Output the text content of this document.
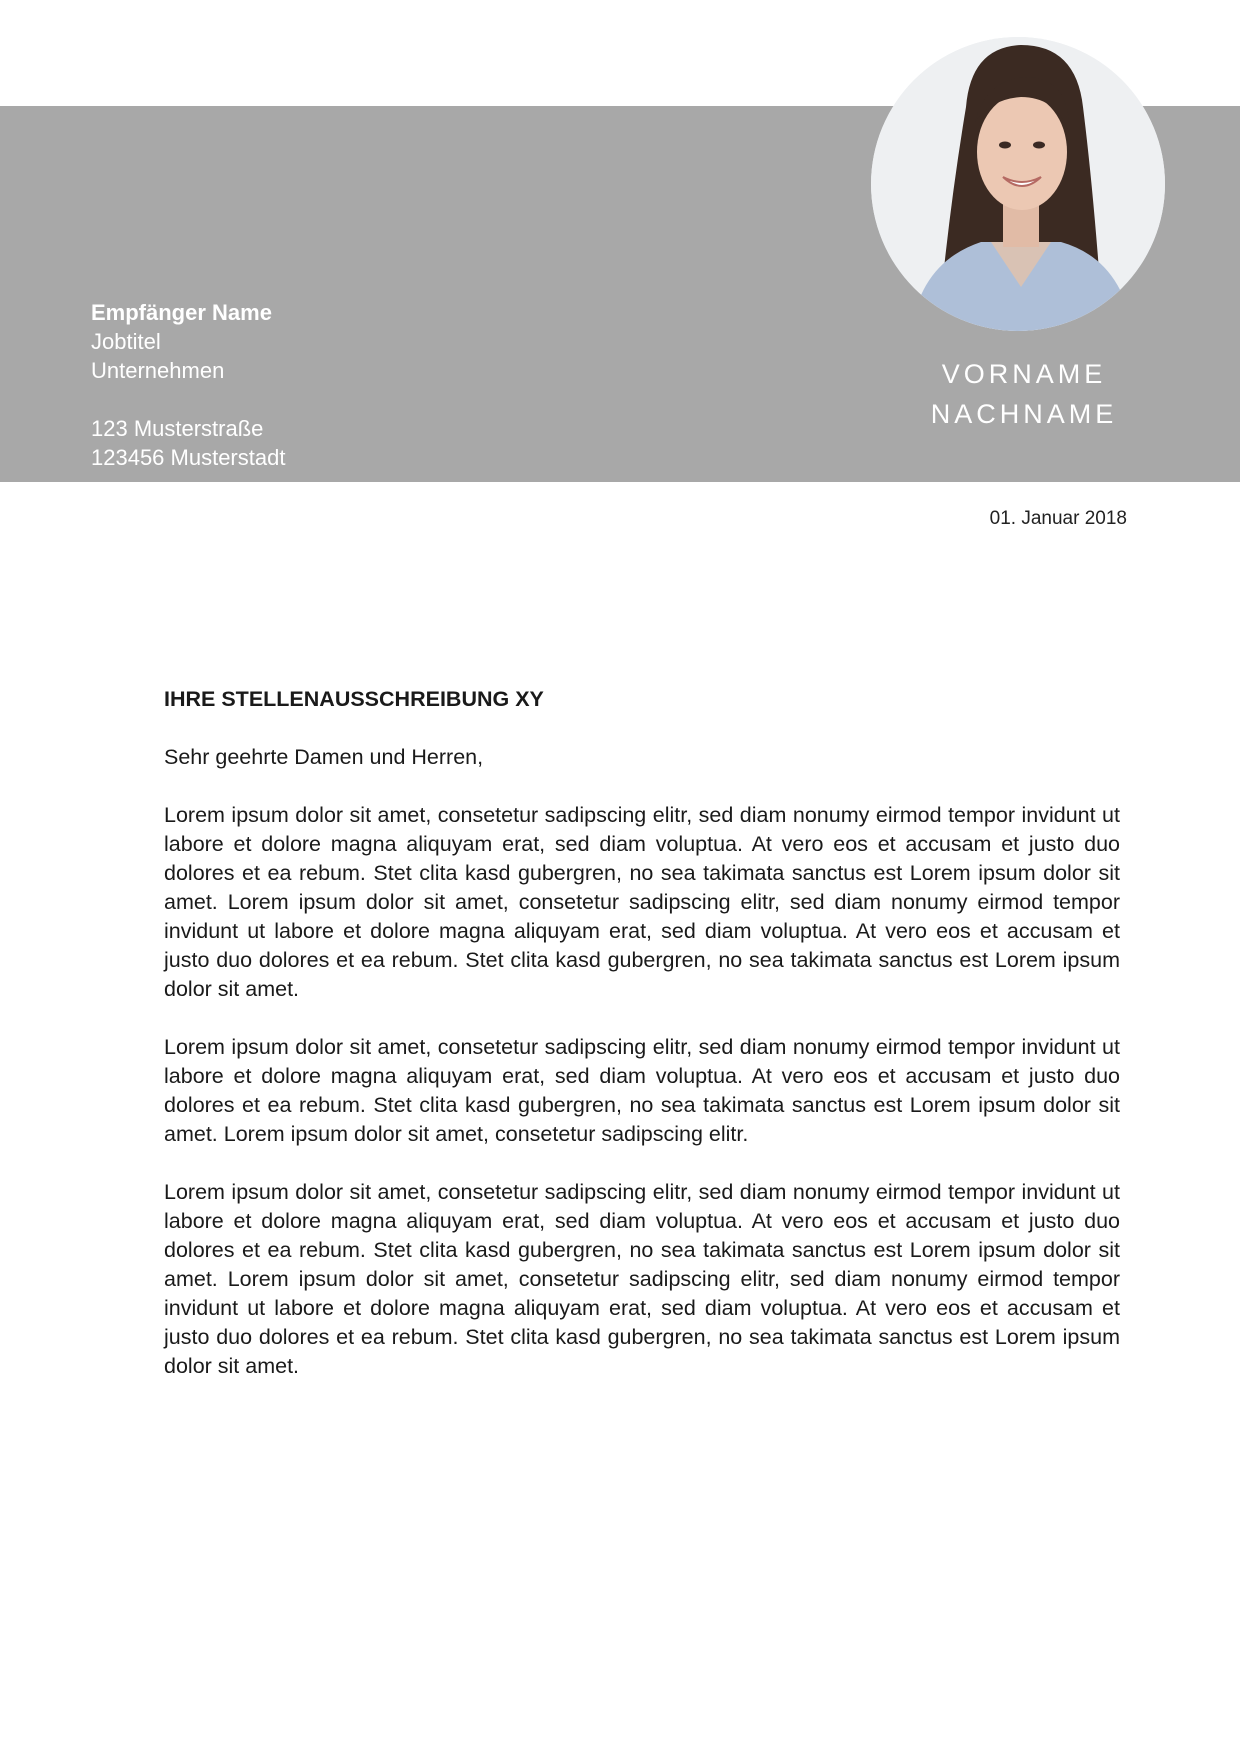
Empfänger Name
Jobtitel
Unternehmen
123 Musterstraße
123456 Musterstadt
VORNAME
NACHNAME
01. Januar 2018
IHRE STELLENAUSSCHREIBUNG XY
Sehr geehrte Damen und Herren,

Lorem ipsum dolor sit amet, consetetur sadipscing elitr, sed diam nonumy eirmod tempor invidunt ut labore et dolore magna aliquyam erat, sed diam voluptua. At vero eos et accusam et justo duo dolores et ea rebum. Stet clita kasd gubergren, no sea takimata sanctus est Lorem ipsum dolor sit amet. Lorem ipsum dolor sit amet, consetetur sadipscing elitr, sed diam nonumy eirmod tempor invidunt ut labore et dolore magna aliquyam erat, sed diam voluptua. At vero eos et accusam et justo duo dolores et ea rebum. Stet clita kasd gubergren, no sea takimata sanctus est Lorem ipsum dolor sit amet.

Lorem ipsum dolor sit amet, consetetur sadipscing elitr, sed diam nonumy eirmod tempor invidunt ut labore et dolore magna aliquyam erat, sed diam voluptua. At vero eos et accusam et justo duo dolores et ea rebum. Stet clita kasd gubergren, no sea takimata sanctus est Lorem ipsum dolor sit amet. Lorem ipsum dolor sit amet, consetetur sadipscing elitr.

Lorem ipsum dolor sit amet, consetetur sadipscing elitr, sed diam nonumy eirmod tempor invidunt ut labore et dolore magna aliquyam erat, sed diam voluptua. At vero eos et accusam et justo duo dolores et ea rebum. Stet clita kasd gubergren, no sea takimata sanctus est Lorem ipsum dolor sit amet. Lorem ipsum dolor sit amet, consetetur sadipscing elitr, sed diam nonumy eirmod tempor invidunt ut labore et dolore magna aliquyam erat, sed diam voluptua. At vero eos et accusam et justo duo dolores et ea rebum. Stet clita kasd gubergren, no sea takimata sanctus est Lorem ipsum dolor sit amet.
